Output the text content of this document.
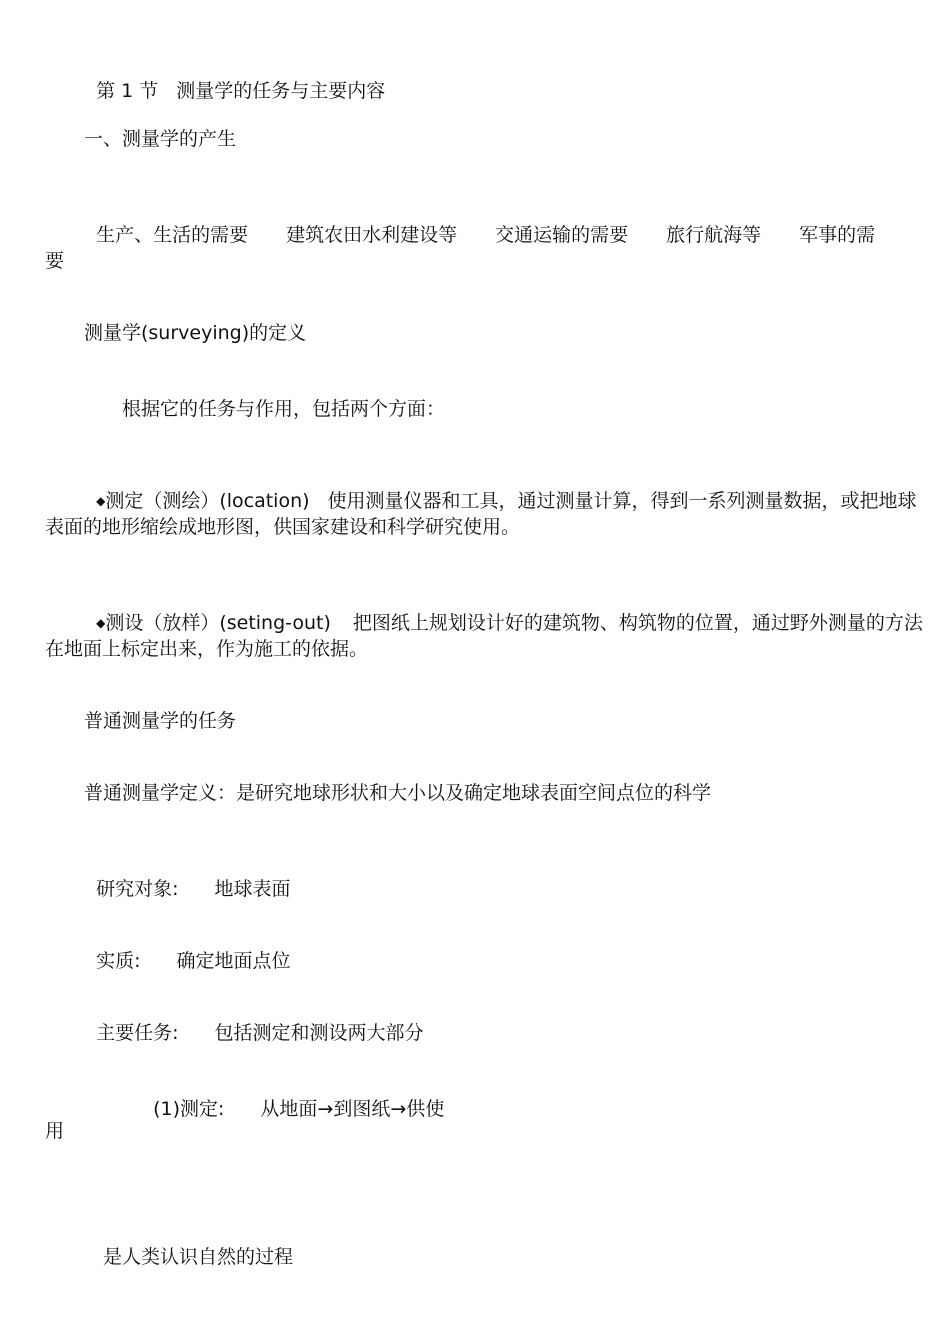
第 1 节 测量学的任务与主要内容

一、测量学的产生

生产、生活的需要 建筑农田水利建设等 交通运输的需要 旅行航海等 军事的需

要

测量学(surveying)的定义

根据它的任务与作用，包括两个方面：

◆测定（测绘）(location) 使用测量仪器和工具，通过测量计算，得到一系列测量数据，或把地球

表面的地形缩绘成地形图，供国家建设和科学研究使用。

◆测设（放样）(seting-out) 把图纸上规划设计好的建筑物、构筑物的位置，通过野外测量的方法

在地面上标定出来，作为施工的依据。

普通测量学的任务

普通测量学定义：是研究地球形状和大小以及确定地球表面空间点位的科学

研究对象: 地球表面

实质: 确定地面点位

主要任务: 包括测定和测设两大部分

(1)测定: 从地面→到图纸→供使

用

是人类认识自然的过程
